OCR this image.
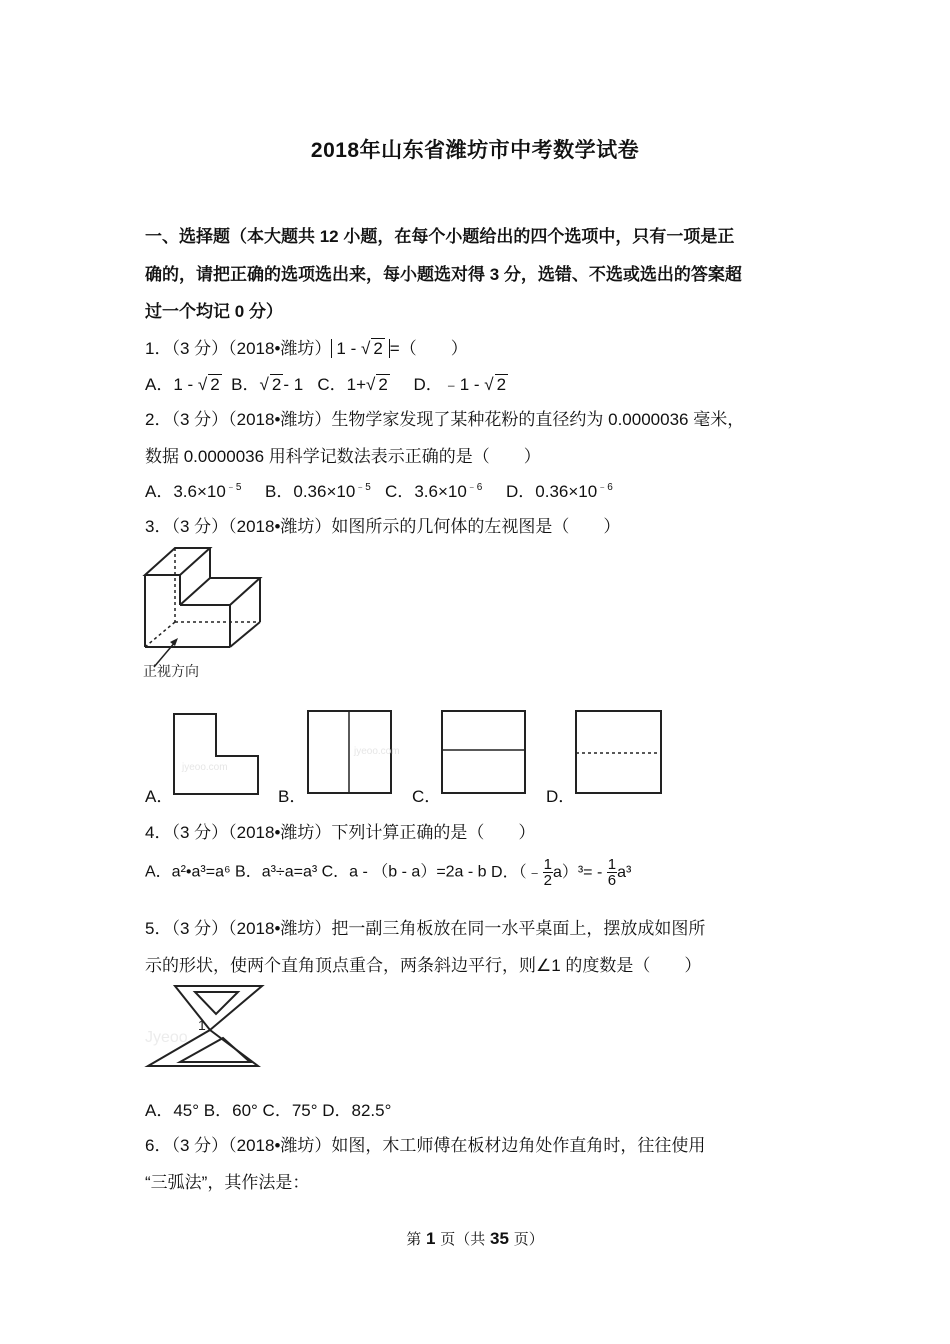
2018年山东省潍坊市中考数学试卷
一、选择题（本大题共 12 小题，在每个小题给出的四个选项中，只有一项是正
确的，请把正确的选项选出来，每小题选对得 3 分，选错、不选或选出的答案超
过一个均记 0 分）
1．（3 分）（2018•潍坊） 1 - √ 2 =（　　）
A．1 - √ 2 B．√ 2 - 1 C．1+√ 2 D．﹣1 - √ 2
2．（3 分）（2018•潍坊）生物学家发现了某种花粉的直径约为 0.0000036 毫米，
数据 0.0000036 用科学记数法表示正确的是（　　）
A．$3.6\times 10^{﹣5}$ B．$0.36\times 10^{﹣5}$ C．$3.6\times 10^{﹣6}$ D．$0.36\times 10^{﹣6}$
3．（3 分）（2018•潍坊）如图所示的几何体的左视图是（　　）
正视方向
A．
jyeoo.com
B．
jyeoo.com
C．	D．
4．（3 分）（2018•潍坊）下列计算正确的是（　　）
A．a²•a³=a⁶ B．a³÷a=a³ C．a - （b - a）=2a - b D．（﹣ $\frac{1}{2} a)^3= - \frac{1}{6} a^3$
5．（3 分）（2018•潍坊）把一副三角板放在同一水平桌面上，摆放成如图所
示的形状，使两个直角顶点重合，两条斜边平行，则∠1 的度数是（　　）
Jyeoo
1
A．45° B．60° C．75° D．82.5°
6．（3 分）（2018•潍坊）如图，木工师傅在板材边角处作直角时，往往使用
“三弧法”，其作法是：
第 1 页（共 35 页）
